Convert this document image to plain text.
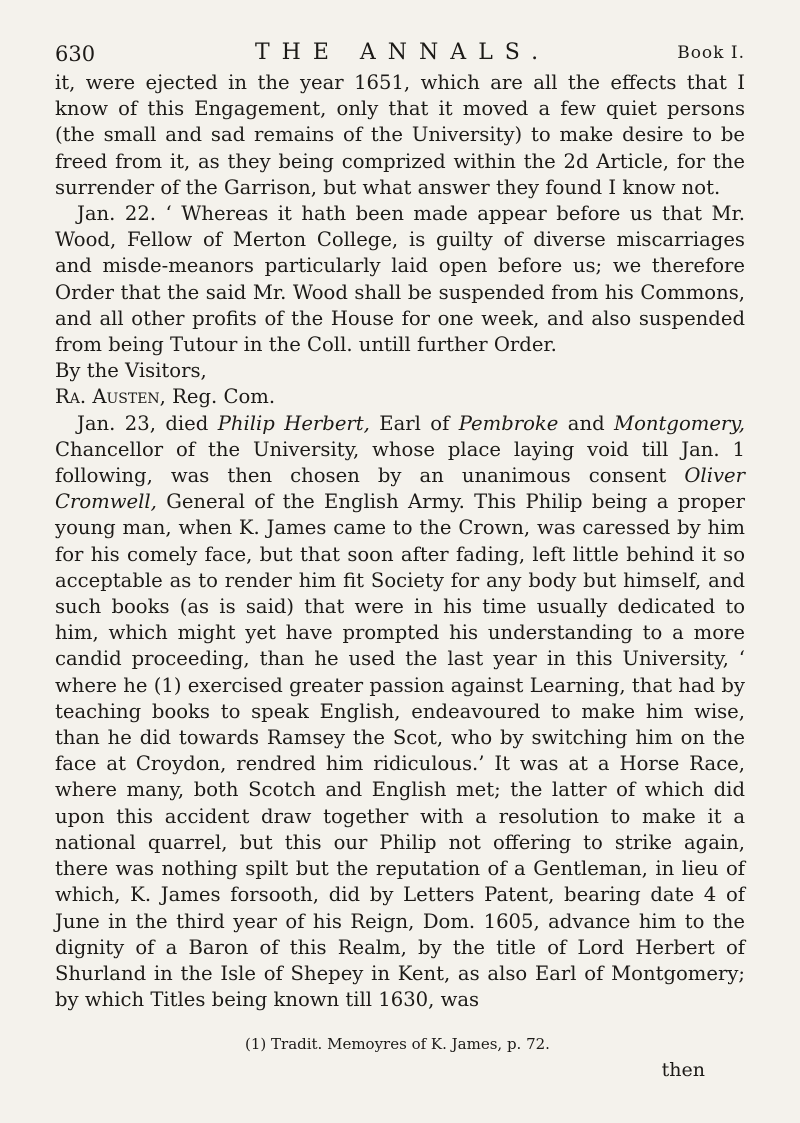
630	THE ANNALS.	Book I.

it, were ejected in the year 1651, which are all the effects that I know of this Engagement, only that it moved a few quiet persons (the small and sad remains of the University) to make desire to be freed from it, as they being comprized within the 2d Article, for the surrender of the Garrison, but what answer they found I know not.

Jan. 22. ‘ Whereas it hath been made appear before us that Mr. Wood, Fellow of Merton College, is guilty of diverse miscarriages and misde-meanors particularly laid open before us; we therefore Order that the said Mr. Wood shall be suspended from his Commons, and all other profits of the House for one week, and also suspended from being Tutour in the Coll. untill further Order.

By the Visitors,

Ra. Austen, Reg. Com.

Jan. 23, died Philip Herbert, Earl of Pembroke and Montgomery, Chancellor of the University, whose place laying void till Jan. 1 following, was then chosen by an unanimous consent Oliver Cromwell, General of the English Army. This Philip being a proper young man, when K. James came to the Crown, was caressed by him for his comely face, but that soon after fading, left little behind it so acceptable as to render him fit Society for any body but himself, and such books (as is said) that were in his time usually dedicated to him, which might yet have prompted his understanding to a more candid proceeding, than he used the last year in this University, ‘ where he (1) exercised greater passion against Learning, that had by teaching books to speak English, endeavoured to make him wise, than he did towards Ramsey the Scot, who by switching him on the face at Croydon, rendred him ridiculous.’ It was at a Horse Race, where many, both Scotch and English met; the latter of which did upon this accident draw together with a resolution to make it a national quarrel, but this our Philip not offering to strike again, there was nothing spilt but the reputation of a Gentleman, in lieu of which, K. James forsooth, did by Letters Patent, bearing date 4 of June in the third year of his Reign, Dom. 1605, advance him to the dignity of a Baron of this Realm, by the title of Lord Herbert of Shurland in the Isle of Shepey in Kent, as also Earl of Montgomery; by which Titles being known till 1630, was

(1) Tradit. Memoyres of K. James, p. 72.
then
